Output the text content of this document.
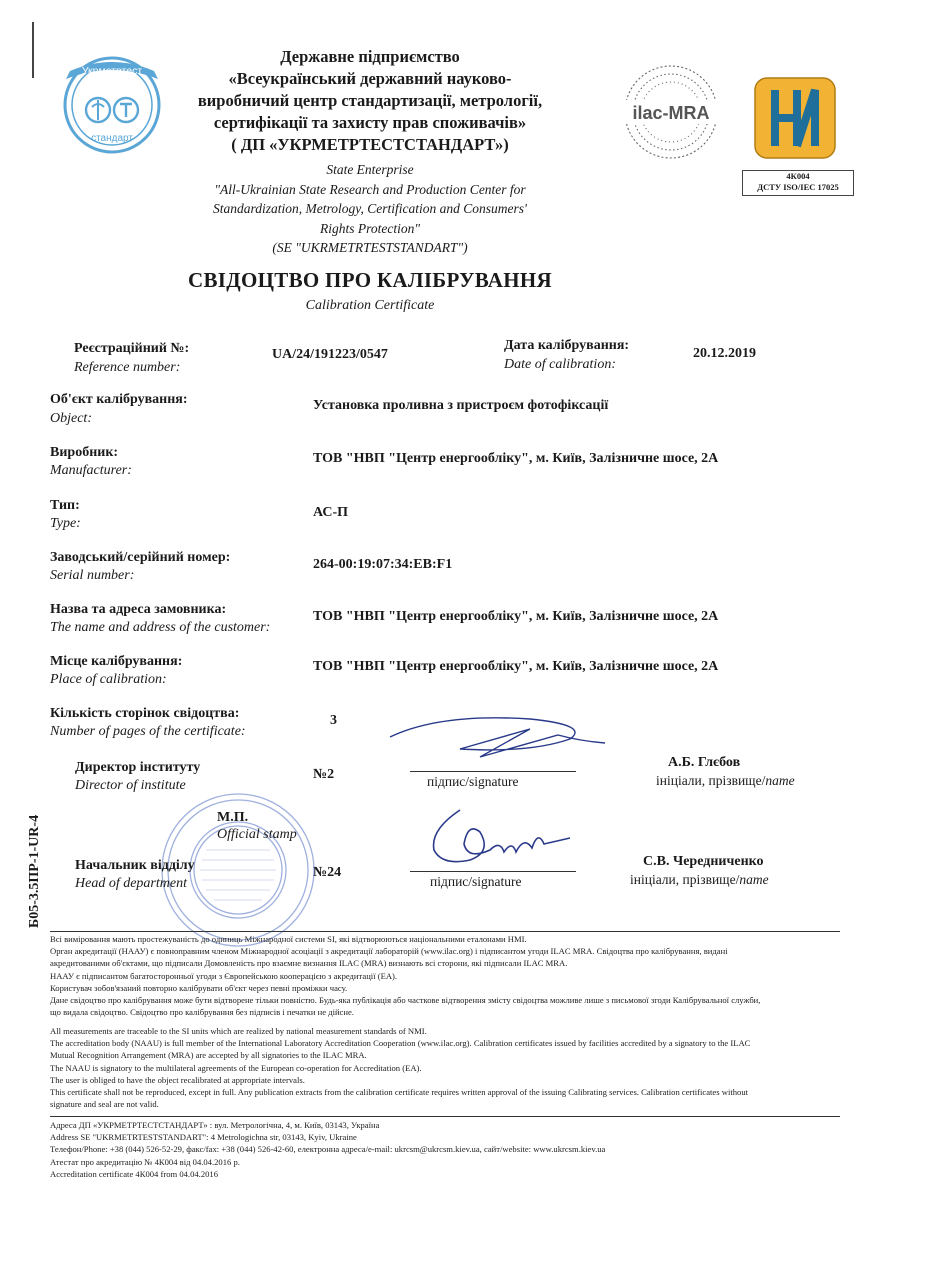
Укрметртест
стандарт
Державне підприємство
«Всеукраїнський державний науково-
виробничий центр стандартизації, метрології,
сертифікації та захисту прав споживачів»
( ДП «УКРМЕТРТЕСТСТАНДАРТ»)
State Enterprise
"All-Ukrainian State Research and Production Center for
Standardization, Metrology, Certification and Consumers'
Rights Protection"
(SE "UKRMETRTESTSTANDART")
ilac-MRA
4К004
ДСТУ ISO/IEC 17025
СВІДОЦТВО ПРО КАЛІБРУВАННЯ
Calibration Certificate
Реєстраційний №:
Reference number:
UA/24/191223/0547
Дата калібрування:
Date of calibration:
20.12.2019
Об'єкт калібрування:
Object:
Установка проливна з пристроєм фотофіксації
Виробник:
Manufacturer:
ТОВ "НВП "Центр енергообліку", м. Київ, Залізничне шосе, 2А
Тип:
Type:
АС-П
Заводський/серійний номер:
Serial number:
264-00:19:07:34:EB:F1
Назва та адреса замовника:
The name and address of the customer:
ТОВ "НВП "Центр енергообліку", м. Київ, Залізничне шосе, 2А
Місце калібрування:
Place of calibration:
ТОВ "НВП "Центр енергообліку", м. Київ, Залізничне шосе, 2А
Кількість сторінок свідоцтва:
Number of pages of the certificate:
3
Директор інституту
Director of institute
№2	підпис/signature
А.Б. Глєбов
ініціали, прізвище/name
М.П.
Official stamp
Начальник відділу
Head of department
№24
підпис/signature
С.В. Чередниченко
ініціали, прізвище/name
Б05-3.5ПР-1-UR-4
Всі виміровання мають простежуваність до одиниць Міжнародної системи SI, які відтворюються національними еталонами НМІ.
Орган акредитації (НААУ) є повноправним членом Міжнародної асоціації з акредитації лабораторій (www.ilac.org) і підписантом угоди ILAC MRA. Свідоцтва про калібрування, видані
акредитованими об'єктами, що підписали Домовленість про взаємне визнання ILAC (MRA) визнають всі сторони, які підписали ILAC MRA.
НААУ є підписантом багатосторонньої угоди з Європейською кооперацією з акредитації (EA).
Користувач зобов'язаний повторно калібрувати об'єкт через певні проміжки часу.
Дане свідоцтво про калібрування може бути відтворене тільки повністю. Будь-яка публікація або часткове відтворення змісту свідоцтва можливе лише з письмової згоди Калібрувальної служби,
що видала свідоцтво. Свідоцтво про калібрування без підписів і печатки не дійсне.
All measurements are traceable to the SI units which are realized by national measurement standards of NMI.
The accreditation body (NAAU) is full member of the International Laboratory Accreditation Cooperation (www.ilac.org). Calibration certificates issued by facilities accredited by a signatory to the ILAC
Mutual Recognition Arrangement (MRA) are accepted by all signatories to the ILAC MRA.
The NAAU is signatory to the multilateral agreements of the European co-operation for Accreditation (EA).
The user is obliged to have the object recalibrated at appropriate intervals.
This certificate shall not be reproduced, except in full. Any publication extracts from the calibration certificate requires written approval of the issuing Calibrating services. Calibration certificates without
signature and seal are not valid.
Адреса ДП «УКРМЕТРТЕСТСТАНДАРТ» : вул. Метрологічна, 4, м. Київ, 03143, Україна
Address SE "UKRMETRTESTSTANDART": 4 Metrologichna str, 03143, Kyiv, Ukraine
Телефон/Phone: +38 (044) 526-52-29, факс/fax: +38 (044) 526-42-60, електронна адреса/e-mail: ukrcsm@ukrcsm.kiev.ua, сайт/website: www.ukrcsm.kiev.ua
Атестат про акредитацію № 4К004 від 04.04.2016 р.
Accreditation certificate 4К004 from 04.04.2016
